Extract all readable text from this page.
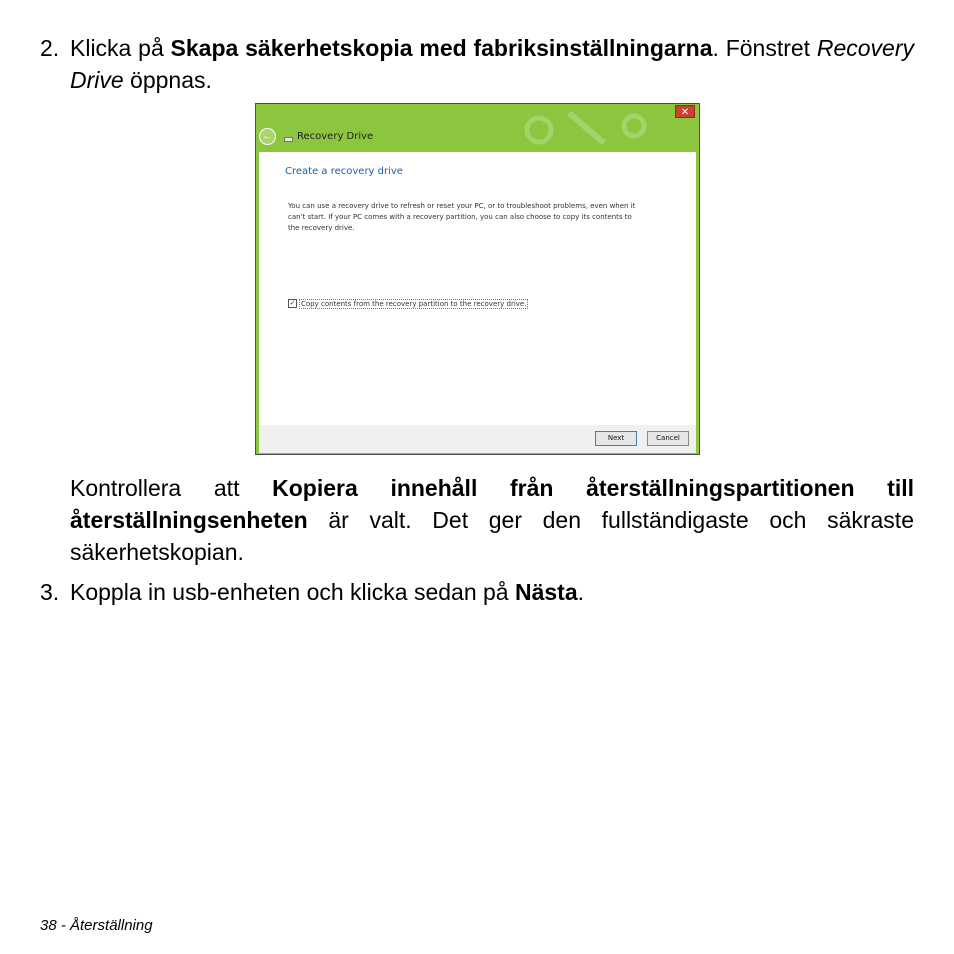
2. Klicka på Skapa säkerhetskopia med fabriksinställningarna. Fönstret Recovery Drive öppnas.
✕
←	Recovery Drive
Create a recovery drive
You can use a recovery drive to refresh or reset your PC, or to troubleshoot problems, even when it can't start. If your PC comes with a recovery partition, you can also choose to copy its contents to the recovery drive.
✓ Copy contents from the recovery partition to the recovery drive.
Next	Cancel
Kontrollera att Kopiera innehåll från återställningspartitionen till återställningsenheten är valt. Det ger den fullständigaste och säkraste säkerhetskopian.
3. Koppla in usb-enheten och klicka sedan på Nästa.
38 - Återställning
